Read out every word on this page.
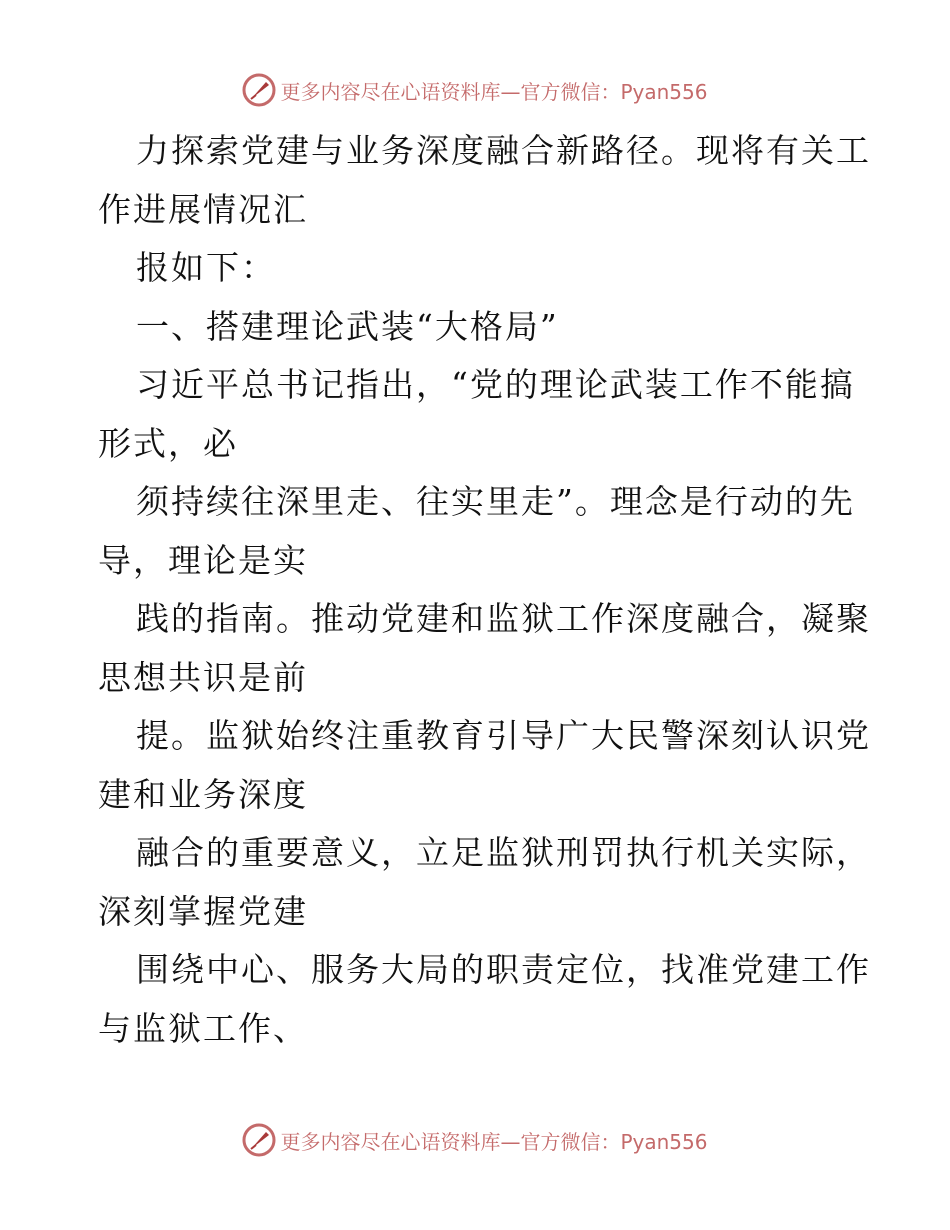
更多内容尽在心语资料库—官方微信：Pyan556
力探索党建与业务深度融合新路径。现将有关工
作进展情况汇
报如下：
一、搭建理论武装“大格局”
习近平总书记指出，“党的理论武装工作不能搞
形式，必
须持续往深里走、往实里走”。理念是行动的先
导，理论是实
践的指南。推动党建和监狱工作深度融合，凝聚
思想共识是前
提。监狱始终注重教育引导广大民警深刻认识党
建和业务深度
融合的重要意义，立足监狱刑罚执行机关实际，
深刻掌握党建
围绕中心、服务大局的职责定位，找准党建工作
与监狱工作、
更多内容尽在心语资料库—官方微信：Pyan556
